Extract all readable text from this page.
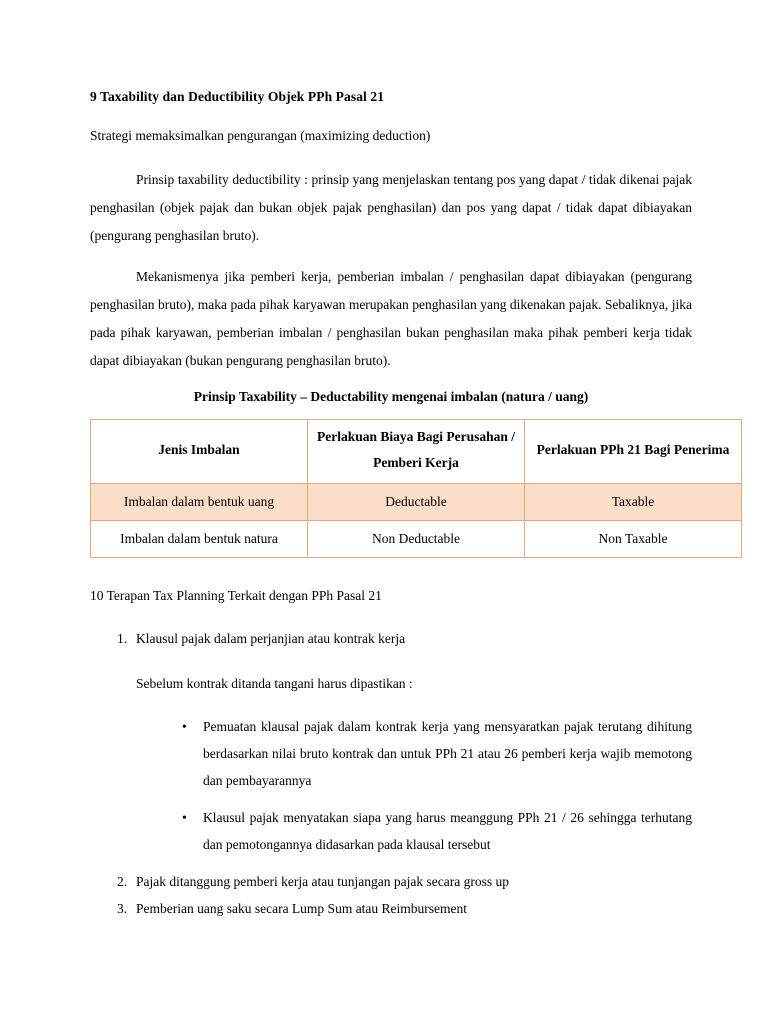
9 Taxability dan Deductibility Objek PPh Pasal 21

Strategi memaksimalkan pengurangan (maximizing deduction)

Prinsip taxability deductibility : prinsip yang menjelaskan tentang pos yang dapat / tidak dikenai pajak penghasilan (objek pajak dan bukan objek pajak penghasilan) dan pos yang dapat / tidak dapat dibiayakan (pengurang penghasilan bruto).

Mekanismenya jika pemberi kerja, pemberian imbalan / penghasilan dapat dibiayakan (pengurang penghasilan bruto), maka pada pihak karyawan merupakan penghasilan yang dikenakan pajak. Sebaliknya, jika pada pihak karyawan, pemberian imbalan / penghasilan bukan penghasilan maka pihak pemberi kerja tidak dapat dibiayakan (bukan pengurang penghasilan bruto).

Prinsip Taxability – Deductability mengenai imbalan (natura / uang)
Jenis Imbalan	Perlakuan Biaya Bagi Perusahan / Pemberi Kerja	Perlakuan PPh 21 Bagi Penerima
Imbalan dalam bentuk uang	Deductable	Taxable
Imbalan dalam bentuk natura	Non Deductable	Non Taxable

10 Terapan Tax Planning Terkait dengan PPh Pasal 21

1. Klausul pajak dalam perjanjian atau kontrak kerja
Sebelum kontrak ditanda tangani harus dipastikan :
• Pemuatan klausal pajak dalam kontrak kerja yang mensyaratkan pajak terutang dihitung berdasarkan nilai bruto kontrak dan untuk PPh 21 atau 26 pemberi kerja wajib memotong dan pembayarannya
• Klausul pajak menyatakan siapa yang harus meanggung PPh 21 / 26 sehingga terhutang dan pemotongannya didasarkan pada klausal tersebut
2. Pajak ditanggung pemberi kerja atau tunjangan pajak secara gross up
3. Pemberian uang saku secara Lump Sum atau Reimbursement
